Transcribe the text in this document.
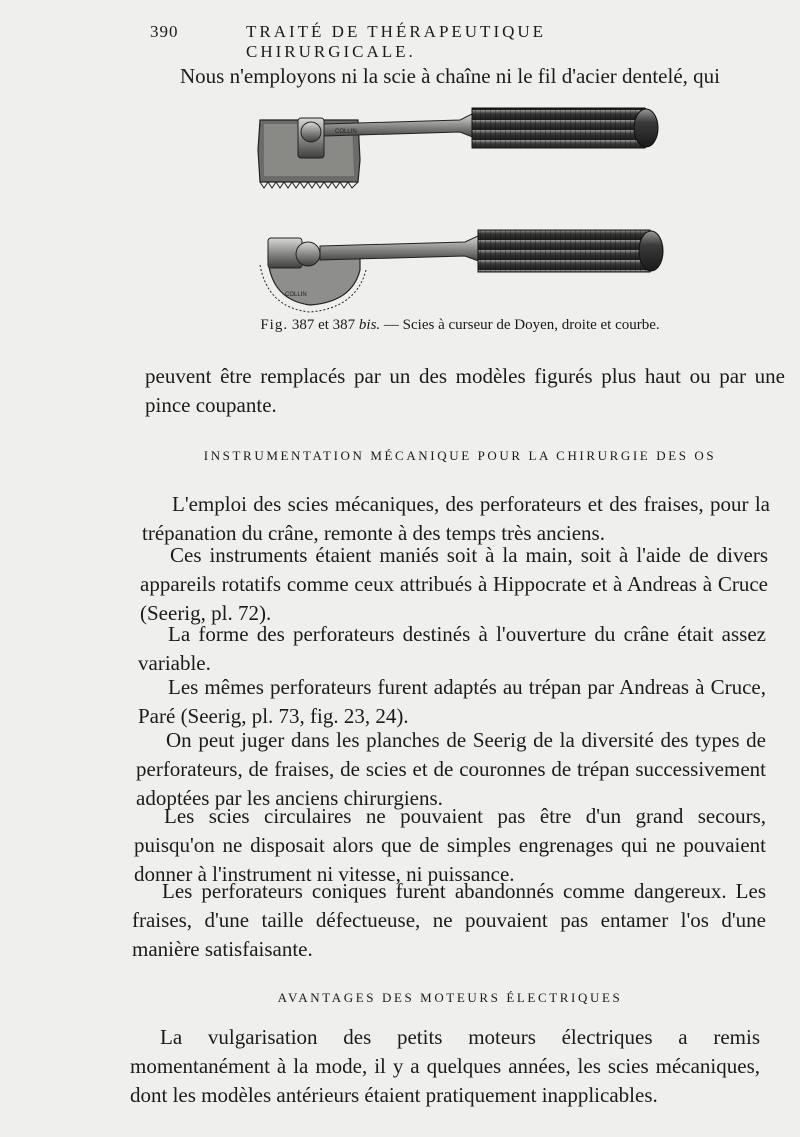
390	TRAITÉ DE THÉRAPEUTIQUE CHIRURGICALE.

Nous n'employons ni la scie à chaîne ni le fil d'acier dentelé, qui

COLLIN
COLLIN
Fig. 387 et 387 bis. — Scies à curseur de Doyen, droite et courbe.

peuvent être remplacés par un des modèles figurés plus haut ou par une pince coupante.

INSTRUMENTATION MÉCANIQUE POUR LA CHIRURGIE DES OS

L'emploi des scies mécaniques, des perforateurs et des fraises, pour la trépanation du crâne, remonte à des temps très anciens.

Ces instruments étaient maniés soit à la main, soit à l'aide de divers appareils rotatifs comme ceux attribués à Hippocrate et à Andreas à Cruce (Seerig, pl. 72).

La forme des perforateurs destinés à l'ouverture du crâne était assez variable.

Les mêmes perforateurs furent adaptés au trépan par Andreas à Cruce, Paré (Seerig, pl. 73, fig. 23, 24).

On peut juger dans les planches de Seerig de la diversité des types de perforateurs, de fraises, de scies et de couronnes de trépan successivement adoptées par les anciens chirurgiens.

Les scies circulaires ne pouvaient pas être d'un grand secours, puisqu'on ne disposait alors que de simples engrenages qui ne pouvaient donner à l'instrument ni vitesse, ni puissance.

Les perforateurs coniques furent abandonnés comme dangereux. Les fraises, d'une taille défectueuse, ne pouvaient pas entamer l'os d'une manière satisfaisante.

AVANTAGES DES MOTEURS ÉLECTRIQUES

La vulgarisation des petits moteurs électriques a remis momentanément à la mode, il y a quelques années, les scies mécaniques, dont les modèles antérieurs étaient pratiquement inapplicables.
